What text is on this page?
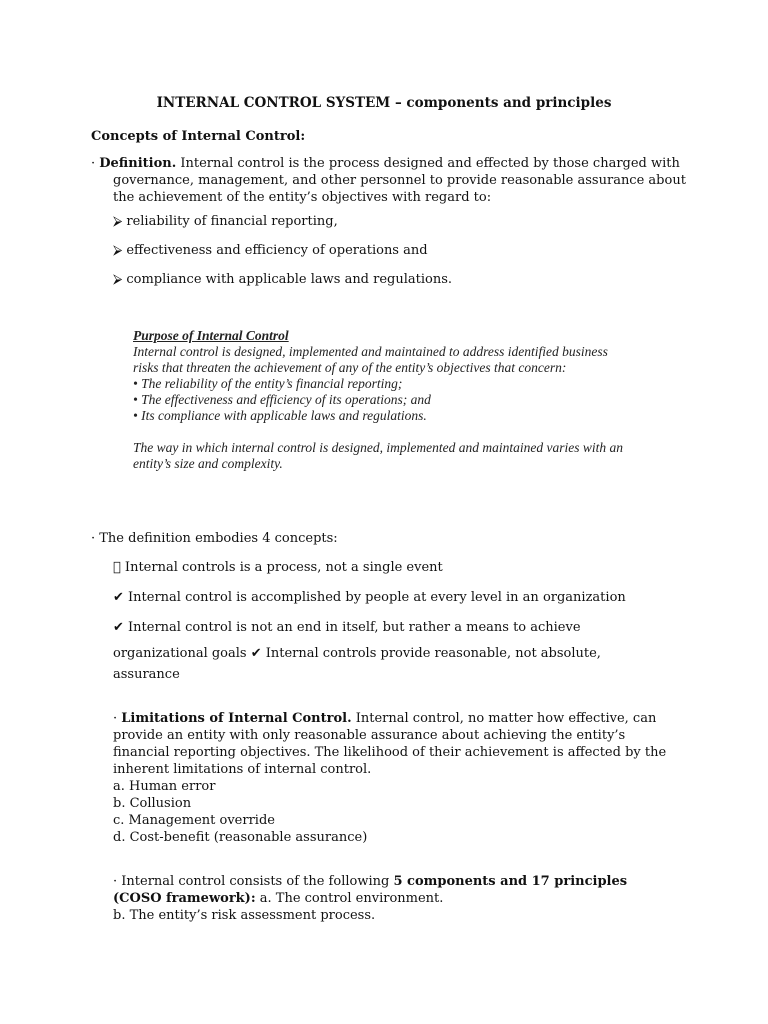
INTERNAL CONTROL SYSTEM – components and principles
Concepts of Internal Control:
· Definition. Internal control is the process designed and effected by those charged with
governance, management, and other personnel to provide reasonable assurance about the achievement of the entity’s objectives with regard to:
⮚ reliability of financial reporting,
⮚ effectiveness and efficiency of operations and
⮚ compliance with applicable laws and regulations.

Purpose of Internal Control

Internal control is designed, implemented and maintained to address identified business risks that threaten the achievement of any of the entity’s objectives that concern:

• The reliability of the entity’s financial reporting;

• The effectiveness and efficiency of its operations; and

• Its compliance with applicable laws and regulations.

The way in which internal control is designed, implemented and maintained varies with an entity’s size and complexity.

· The definition embodies 4 concepts:
Internal controls is a process, not a single event
✔ Internal control is accomplished by people at every level in an organization
✔ Internal control is not an end in itself, but rather a means to achieve
organizational goals ✔ Internal controls provide reasonable, not absolute,
assurance
· Limitations of Internal Control. Internal control, no matter how effective, can provide an entity with only reasonable assurance about achieving the entity’s financial reporting objectives. The likelihood of their achievement is affected by the inherent limitations of internal control.
a. Human error
b. Collusion
c. Management override
d. Cost-benefit (reasonable assurance)
· Internal control consists of the following 5 components and 17 principles (COSO framework): a. The control environment.
b. The entity’s risk assessment process.
